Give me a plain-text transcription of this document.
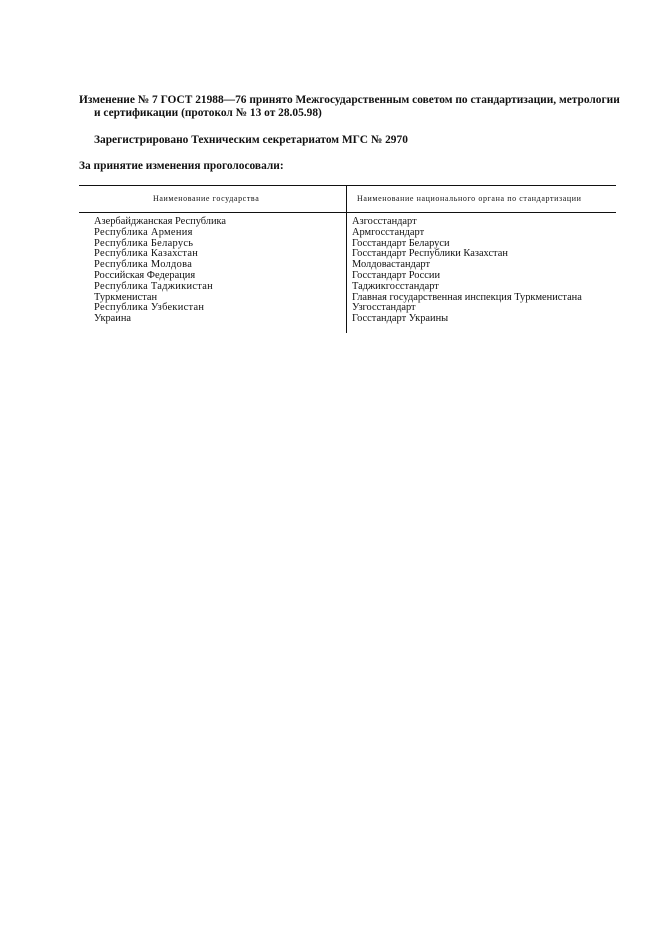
Изменение № 7 ГОСТ 21988—76 принято Межгосударственным советом по стандартизации, метрологии
и сертификации (протокол № 13 от 28.05.98)
Зарегистрировано Техническим секретариатом МГС № 2970
За принятие изменения проголосовали:
Наименование государства	Наименование национального органа по стандартизации
Азербайджанская Республика	Азгосстандарт
Республика Армения	Армгосстандарт
Республика Беларусь	Госстандарт Беларуси
Республика Казахстан	Госстандарт Республики Казахстан
Республика Молдова	Молдовастандарт
Российская Федерация	Госстандарт России
Республика Таджикистан	Таджикгосстандарт
Туркменистан	Главная государственная инспекция Туркменистана
Республика Узбекистан	Узгосстандарт
Украина	Госстандарт Украины
